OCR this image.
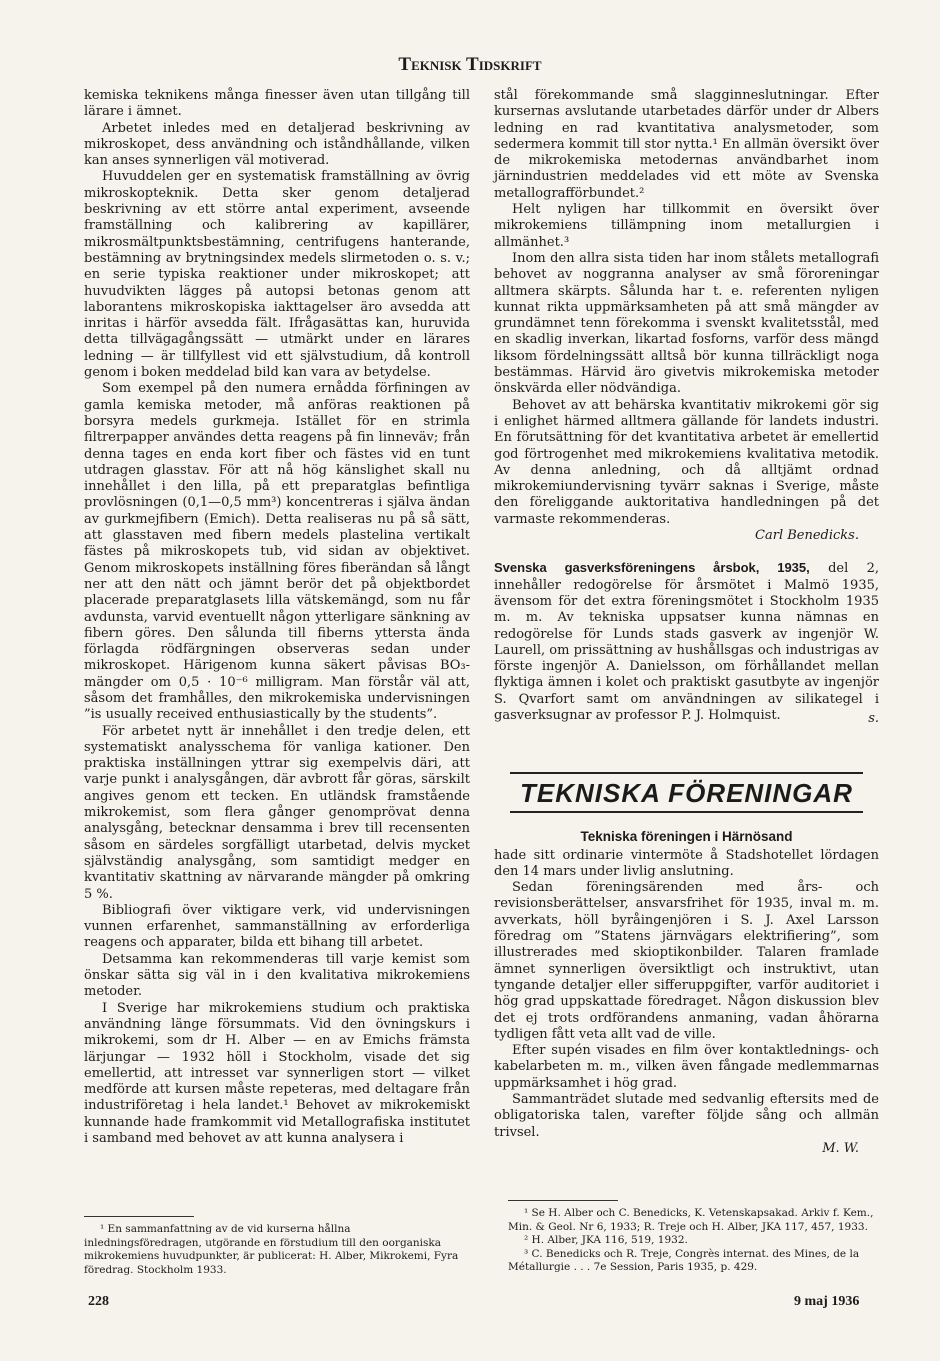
Teknisk Tidskrift

kemiska teknikens många finesser även utan tillgång till lärare i ämnet.

Arbetet inledes med en detaljerad beskrivning av mikroskopet, dess användning och iståndhållande, vilken kan anses synnerligen väl motiverad.

Huvuddelen ger en systematisk framställning av övrig mikroskopteknik. Detta sker genom detaljerad beskrivning av ett större antal experiment, avseende framställning och kalibrering av kapillärer, mikrosmältpunktsbestämning, centrifugens hanterande, bestämning av brytningsindex medels slirmetoden o. s. v.; en serie typiska reaktioner under mikroskopet; att huvudvikten lägges på autopsi betonas genom att laborantens mikroskopiska iakttagelser äro avsedda att inritas i härför avsedda fält. Ifrågasättas kan, huruvida detta tillvägagångssätt — utmärkt under en lärares ledning — är tillfyllest vid ett självstudium, då kontroll genom i boken meddelad bild kan vara av betydelse.

Som exempel på den numera ernådda förfiningen av gamla kemiska metoder, må anföras reaktionen på borsyra medels gurkmeja. Istället för en strimla filtrerpapper användes detta reagens på fin linneväv; från denna tages en enda kort fiber och fästes vid en tunt utdragen glasstav. För att nå hög känslighet skall nu innehållet i den lilla, på ett preparatglas befintliga provlösningen (0,1—0,5 mm³) koncentreras i själva ändan av gurkmejfibern (Emich). Detta realiseras nu på så sätt, att glasstaven med fibern medels plastelina vertikalt fästes på mikroskopets tub, vid sidan av objektivet. Genom mikroskopets inställning föres fiberändan så långt ner att den nätt och jämnt berör det på objektbordet placerade preparatglasets lilla vätskemängd, som nu får avdunsta, varvid eventuellt någon ytterligare sänkning av fibern göres. Den sålunda till fiberns yttersta ända förlagda rödfärgningen observeras sedan under mikroskopet. Härigenom kunna säkert påvisas BO₃-mängder om 0,5 · 10⁻⁶ milligram. Man förstår väl att, såsom det framhålles, den mikrokemiska undervisningen ”is usually received enthusiastically by the students”.

För arbetet nytt är innehållet i den tredje delen, ett systematiskt analysschema för vanliga kationer. Den praktiska inställningen yttrar sig exempelvis däri, att varje punkt i analysgången, där avbrott får göras, särskilt angives genom ett tecken. En utländsk framstående mikrokemist, som flera gånger genomprövat denna analysgång, betecknar densamma i brev till recensenten såsom en särdeles sorgfälligt utarbetad, delvis mycket självständig analysgång, som samtidigt medger en kvantitativ skattning av närvarande mängder på omkring 5 %.

Bibliografi över viktigare verk, vid undervisningen vunnen erfarenhet, sammanställning av erforderliga reagens och apparater, bilda ett bihang till arbetet.

Detsamma kan rekommenderas till varje kemist som önskar sätta sig väl in i den kvalitativa mikrokemiens metoder.

I Sverige har mikrokemiens studium och praktiska användning länge försummats. Vid den övningskurs i mikrokemi, som dr H. Alber — en av Emichs främsta lärjungar — 1932 höll i Stockholm, visade det sig emellertid, att intresset var synnerligen stort — vilket medförde att kursen måste repeteras, med deltagare från industriföretag i hela landet.¹ Behovet av mikrokemiskt kunnande hade framkommit vid Metallografiska institutet i samband med behovet av att kunna analysera i

¹ En sammanfattning av de vid kurserna hållna inledningsföredragen, utgörande en förstudium till den oorganiska mikrokemiens huvudpunkter, är publicerat: H. Alber, Mikrokemi, Fyra föredrag. Stockholm 1933.

stål förekommande små slagginneslutningar. Efter kursernas avslutande utarbetades därför under dr Albers ledning en rad kvantitativa analysmetoder, som sedermera kommit till stor nytta.¹ En allmän översikt över de mikrokemiska metodernas användbarhet inom järnindustrien meddelades vid ett möte av Svenska metallografförbundet.²

Helt nyligen har tillkommit en översikt över mikrokemiens tillämpning inom metallurgien i allmänhet.³

Inom den allra sista tiden har inom stålets metallografi behovet av noggranna analyser av små föroreningar alltmera skärpts. Sålunda har t. e. referenten nyligen kunnat rikta uppmärksamheten på att små mängder av grundämnet tenn förekomma i svenskt kvalitetsstål, med en skadlig inverkan, likartad fosforns, varför dess mängd liksom fördelningssätt alltså bör kunna tillräckligt noga bestämmas. Härvid äro givetvis mikrokemiska metoder önskvärda eller nödvändiga.

Behovet av att behärska kvantitativ mikrokemi gör sig i enlighet härmed alltmera gällande för landets industri. En förutsättning för det kvantitativa arbetet är emellertid god förtrogenhet med mikrokemiens kvalitativa metodik. Av denna anledning, och då alltjämt ordnad mikrokemiundervisning tyvärr saknas i Sverige, måste den föreliggande auktoritativa handledningen på det varmaste rekommenderas.

Carl Benedicks.

Svenska gasverksföreningens årsbok, 1935, del 2, innehåller redogörelse för årsmötet i Malmö 1935, ävensom för det extra föreningsmötet i Stockholm 1935 m. m. Av tekniska uppsatser kunna nämnas en redogörelse för Lunds stads gasverk av ingenjör W. Laurell, om prissättning av hushållsgas och industrigas av förste ingenjör A. Danielsson, om förhållandet mellan flyktiga ämnen i kolet och praktiskt gasutbyte av ingenjör S. Qvarfort samt om användningen av silikategel i gasverksugnar av professor P. J. Holmquist.	s.

TEKNISKA FÖRENINGAR
Tekniska föreningen i Härnösand

hade sitt ordinarie vintermöte å Stadshotellet lördagen den 14 mars under livlig anslutning.

Sedan föreningsärenden med års- och revisionsberättelser, ansvarsfrihet för 1935, inval m. m. avverkats, höll byråingenjören i S. J. Axel Larsson föredrag om ”Statens järnvägars elektrifiering”, som illustrerades med skioptikonbilder. Talaren framlade ämnet synnerligen översiktligt och instruktivt, utan tyngande detaljer eller sifferuppgifter, varför auditoriet i hög grad uppskattade föredraget. Någon diskussion blev det ej trots ordförandens anmaning, vadan åhörarna tydligen fått veta allt vad de ville.

Efter supén visades en film över kontaktlednings- och kabelarbeten m. m., vilken även fångade medlemmarnas uppmärksamhet i hög grad.

Sammanträdet slutade med sedvanlig eftersits med de obligatoriska talen, varefter följde sång och allmän trivsel.

M. W.

¹ Se H. Alber och C. Benedicks, K. Vetenskapsakad. Arkiv f. Kem., Min. & Geol. Nr 6, 1933; R. Treje och H. Alber, JKA 117, 457, 1933.

² H. Alber, JKA 116, 519, 1932.

³ C. Benedicks och R. Treje, Congrès internat. des Mines, de la Métallurgie . . . 7e Session, Paris 1935, p. 429.

228	9 maj 1936
